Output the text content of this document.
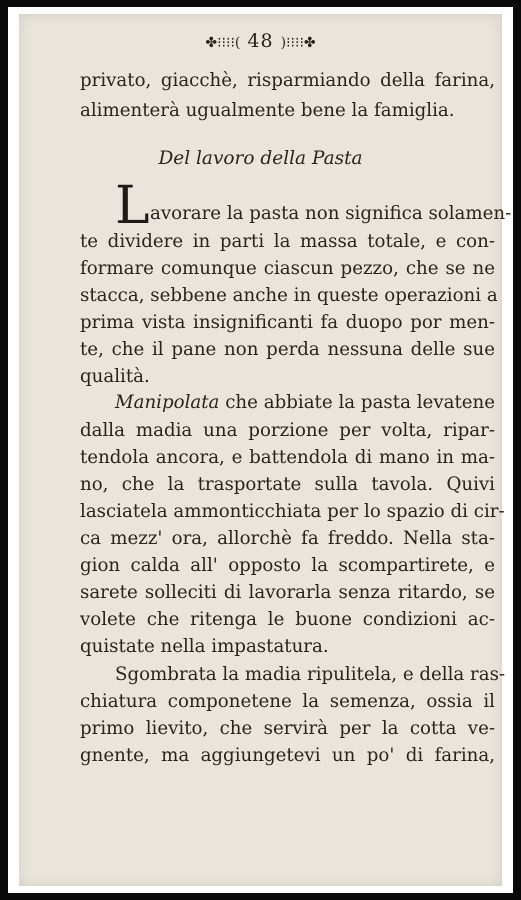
✤⁝⁝⁝⁝( 48 )⁝⁝⁝⁝✤
privato, giacchè, risparmiando della farina,
alimenterà ugualmente bene la famiglia.
Del lavoro della Pasta
L avorare la pasta non significa solamen-
te dividere in parti la massa totale, e con-
formare comunque ciascun pezzo, che se ne
stacca, sebbene anche in queste operazioni a
prima vista insignificanti fa duopo por men-
te, che il pane non perda nessuna delle sue
qualità.
Manipolata che abbiate la pasta levatene
dalla madia una porzione per volta, ripar-
tendola ancora, e battendola di mano in ma-
no, che la trasportate sulla tavola. Quivi
lasciatela ammonticchiata per lo spazio di cir-
ca mezz' ora, allorchè fa freddo. Nella sta-
gion calda all' opposto la scompartirete, e
sarete solleciti di lavorarla senza ritardo, se
volete che ritenga le buone condizioni ac-
quistate nella impastatura.
Sgombrata la madia ripulitela, e della ras-
chiatura componetene la semenza, ossia il
primo lievito, che servirà per la cotta ve-
gnente, ma aggiungetevi un po' di farina,
